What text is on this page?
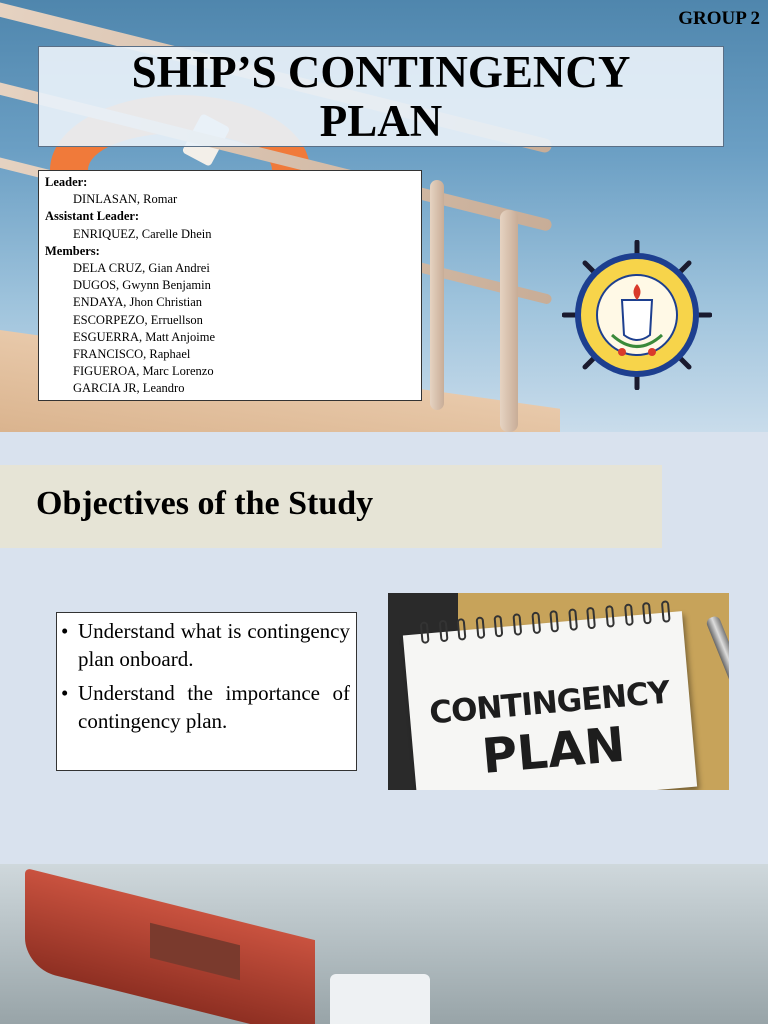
GROUP 2
SHIP’S CONTINGENCY
PLAN
Leader:
DINLASAN, Romar
Assistant Leader:
ENRIQUEZ, Carelle Dhein
Members:
DELA CRUZ, Gian Andrei
DUGOS, Gwynn Benjamin
ENDAYA, Jhon Christian
ESCORPEZO, Erruellson
ESGUERRA, Matt Anjoime
FRANCISCO, Raphael
FIGUEROA, Marc Lorenzo
GARCIA JR, Leandro
Objectives of the Study
• Understand what is contingency plan onboard.
• Understand the importance of contingency plan.	CONTINGENCY
PLAN
